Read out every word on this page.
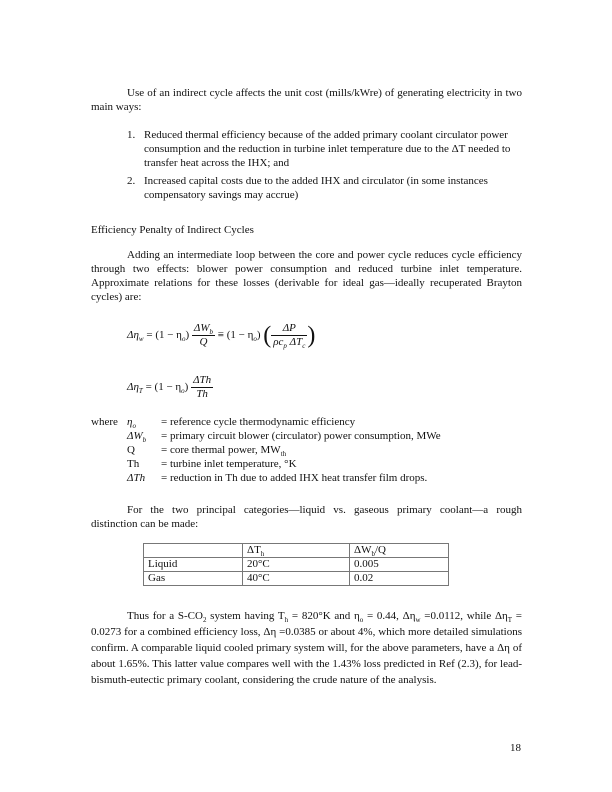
Use of an indirect cycle affects the unit cost (mills/kWre) of generating electricity in two main ways:

1. Reduced thermal efficiency because of the added primary coolant circulator power consumption and the reduction in turbine inlet temperature due to the ΔT needed to transfer heat across the IHX; and
2. Increased capital costs due to the added IHX and circulator (in some instances compensatory savings may accrue)
Efficiency Penalty of Indirect Cycles

Adding an intermediate loop between the core and power cycle reduces cycle efficiency through two effects: blower power consumption and reduced turbine inlet temperature. Approximate relations for these losses (derivable for ideal gas—ideally recuperated Brayton cycles) are:

$\Delta\eta_w = (1 - \eta_o) \frac{\Delta W_b}{Q} \equiv (1 - \eta_o)$ ( $\frac{\Delta P}{\rho c_p \Delta T_c}$ )
$\Delta\eta_T = (1 - \eta_o) \frac{\text{ΔTh}}{Th}$
where $\eta_o$ = reference cycle thermodynamic efficiency
$\Delta W_b$ = primary circuit blower (circulator) power consumption, MWe
Q = core thermal power, $MW_{th}$
Th = turbine inlet temperature, °K
ΔTh = reduction in Th due to added IHX heat transfer film drops.

For the two principal categories—liquid vs. gaseous primary coolant—a rough distinction can be made:

	$\Delta T_h$	$\Delta W_b/Q$
Liquid	20°C	0.005
Gas	40°C	0.02

Thus for a $S-CO_2$ system having $T_h = 820^\circ K$ and $\eta_o = 0.44$, $\Delta\eta_w =0.0112$, while $\Delta\eta_T = 0.0273$ for a combined efficiency loss, Δη =0.0385 or about 4%, which more detailed simulations confirm. A comparable liquid cooled primary system will, for the above parameters, have a Δη of about 1.65%. This latter value compares well with the 1.43% loss predicted in Ref (2.3), for lead-bismuth-eutectic primary coolant, considering the crude nature of the analysis.

18
